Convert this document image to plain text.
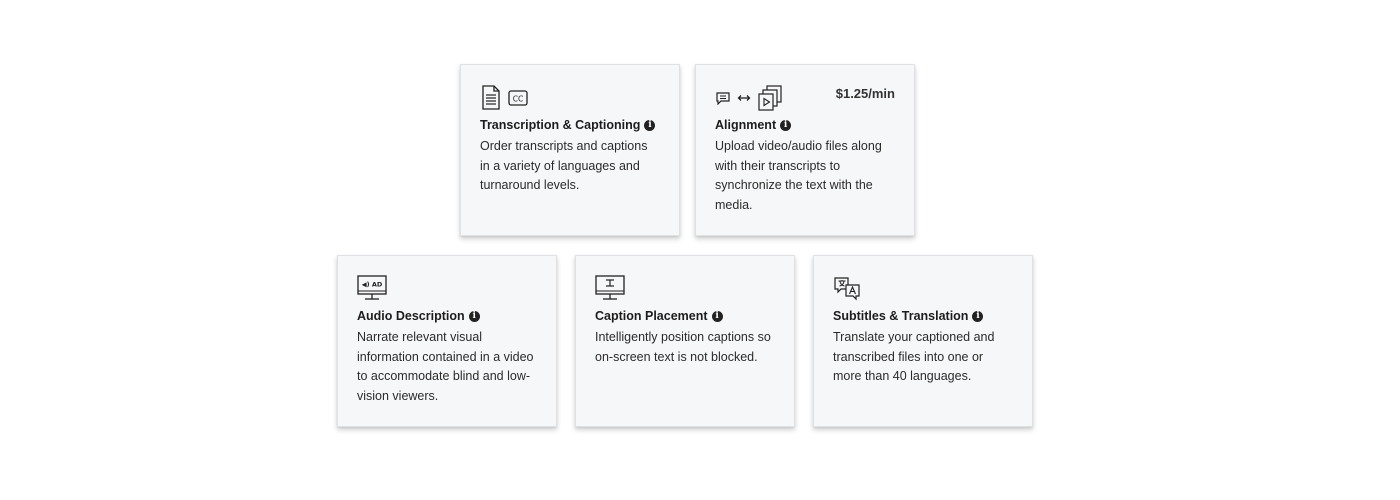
CC
Transcription & Captioning i
Order transcripts and captions in a variety of languages and turnaround levels.
$1.25/min
Alignment i
Upload video/audio files along with their transcripts to synchronize the text with the media.
◀) AD
Audio Description i
Narrate relevant visual information contained in a video to accommodate blind and low-vision viewers.
Caption Placement i
Intelligently position captions so on-screen text is not blocked.
Subtitles & Translation i
Translate your captioned and transcribed files into one or more than 40 languages.
